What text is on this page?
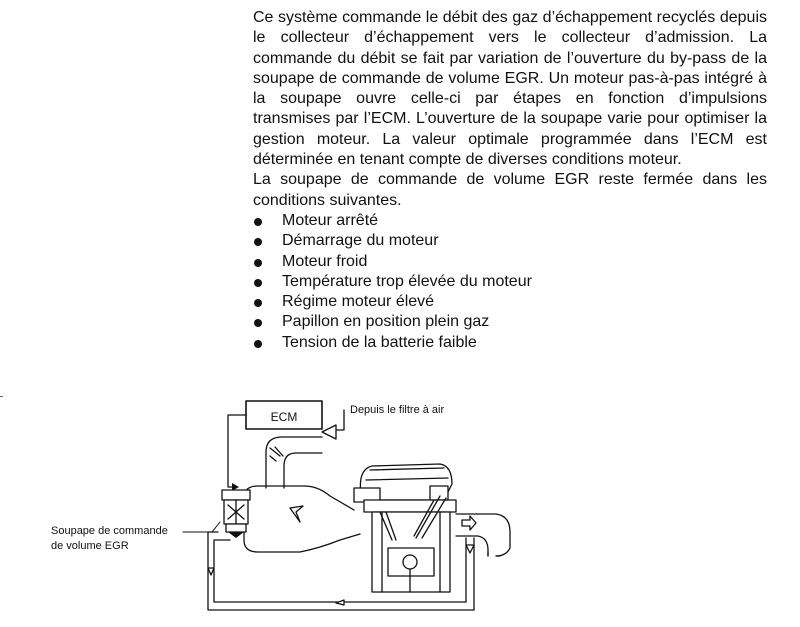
Ce système commande le débit des gaz d’échappement recyclés depuis le collecteur d’échappement vers le collecteur d’admission. La commande du débit se fait par variation de l’ouverture du by-pass de la soupape de commande de volume EGR. Un moteur pas-à-pas intégré à la soupape ouvre celle-ci par étapes en fonction d’impulsions transmises par l’ECM. L’ouverture de la soupape varie pour optimiser la gestion moteur. La valeur optimale programmée dans l’ECM est déterminée en tenant compte de diverses conditions moteur.

La soupape de commande de volume EGR reste fermée dans les conditions suivantes.

Moteur arrêté
Démarrage du moteur
Moteur froid
Température trop élevée du moteur
Régime moteur élevé
Papillon en position plein gaz
Tension de la batterie faible
ECM	Depuis le filtre à air
Soupape de commande
de volume EGR
